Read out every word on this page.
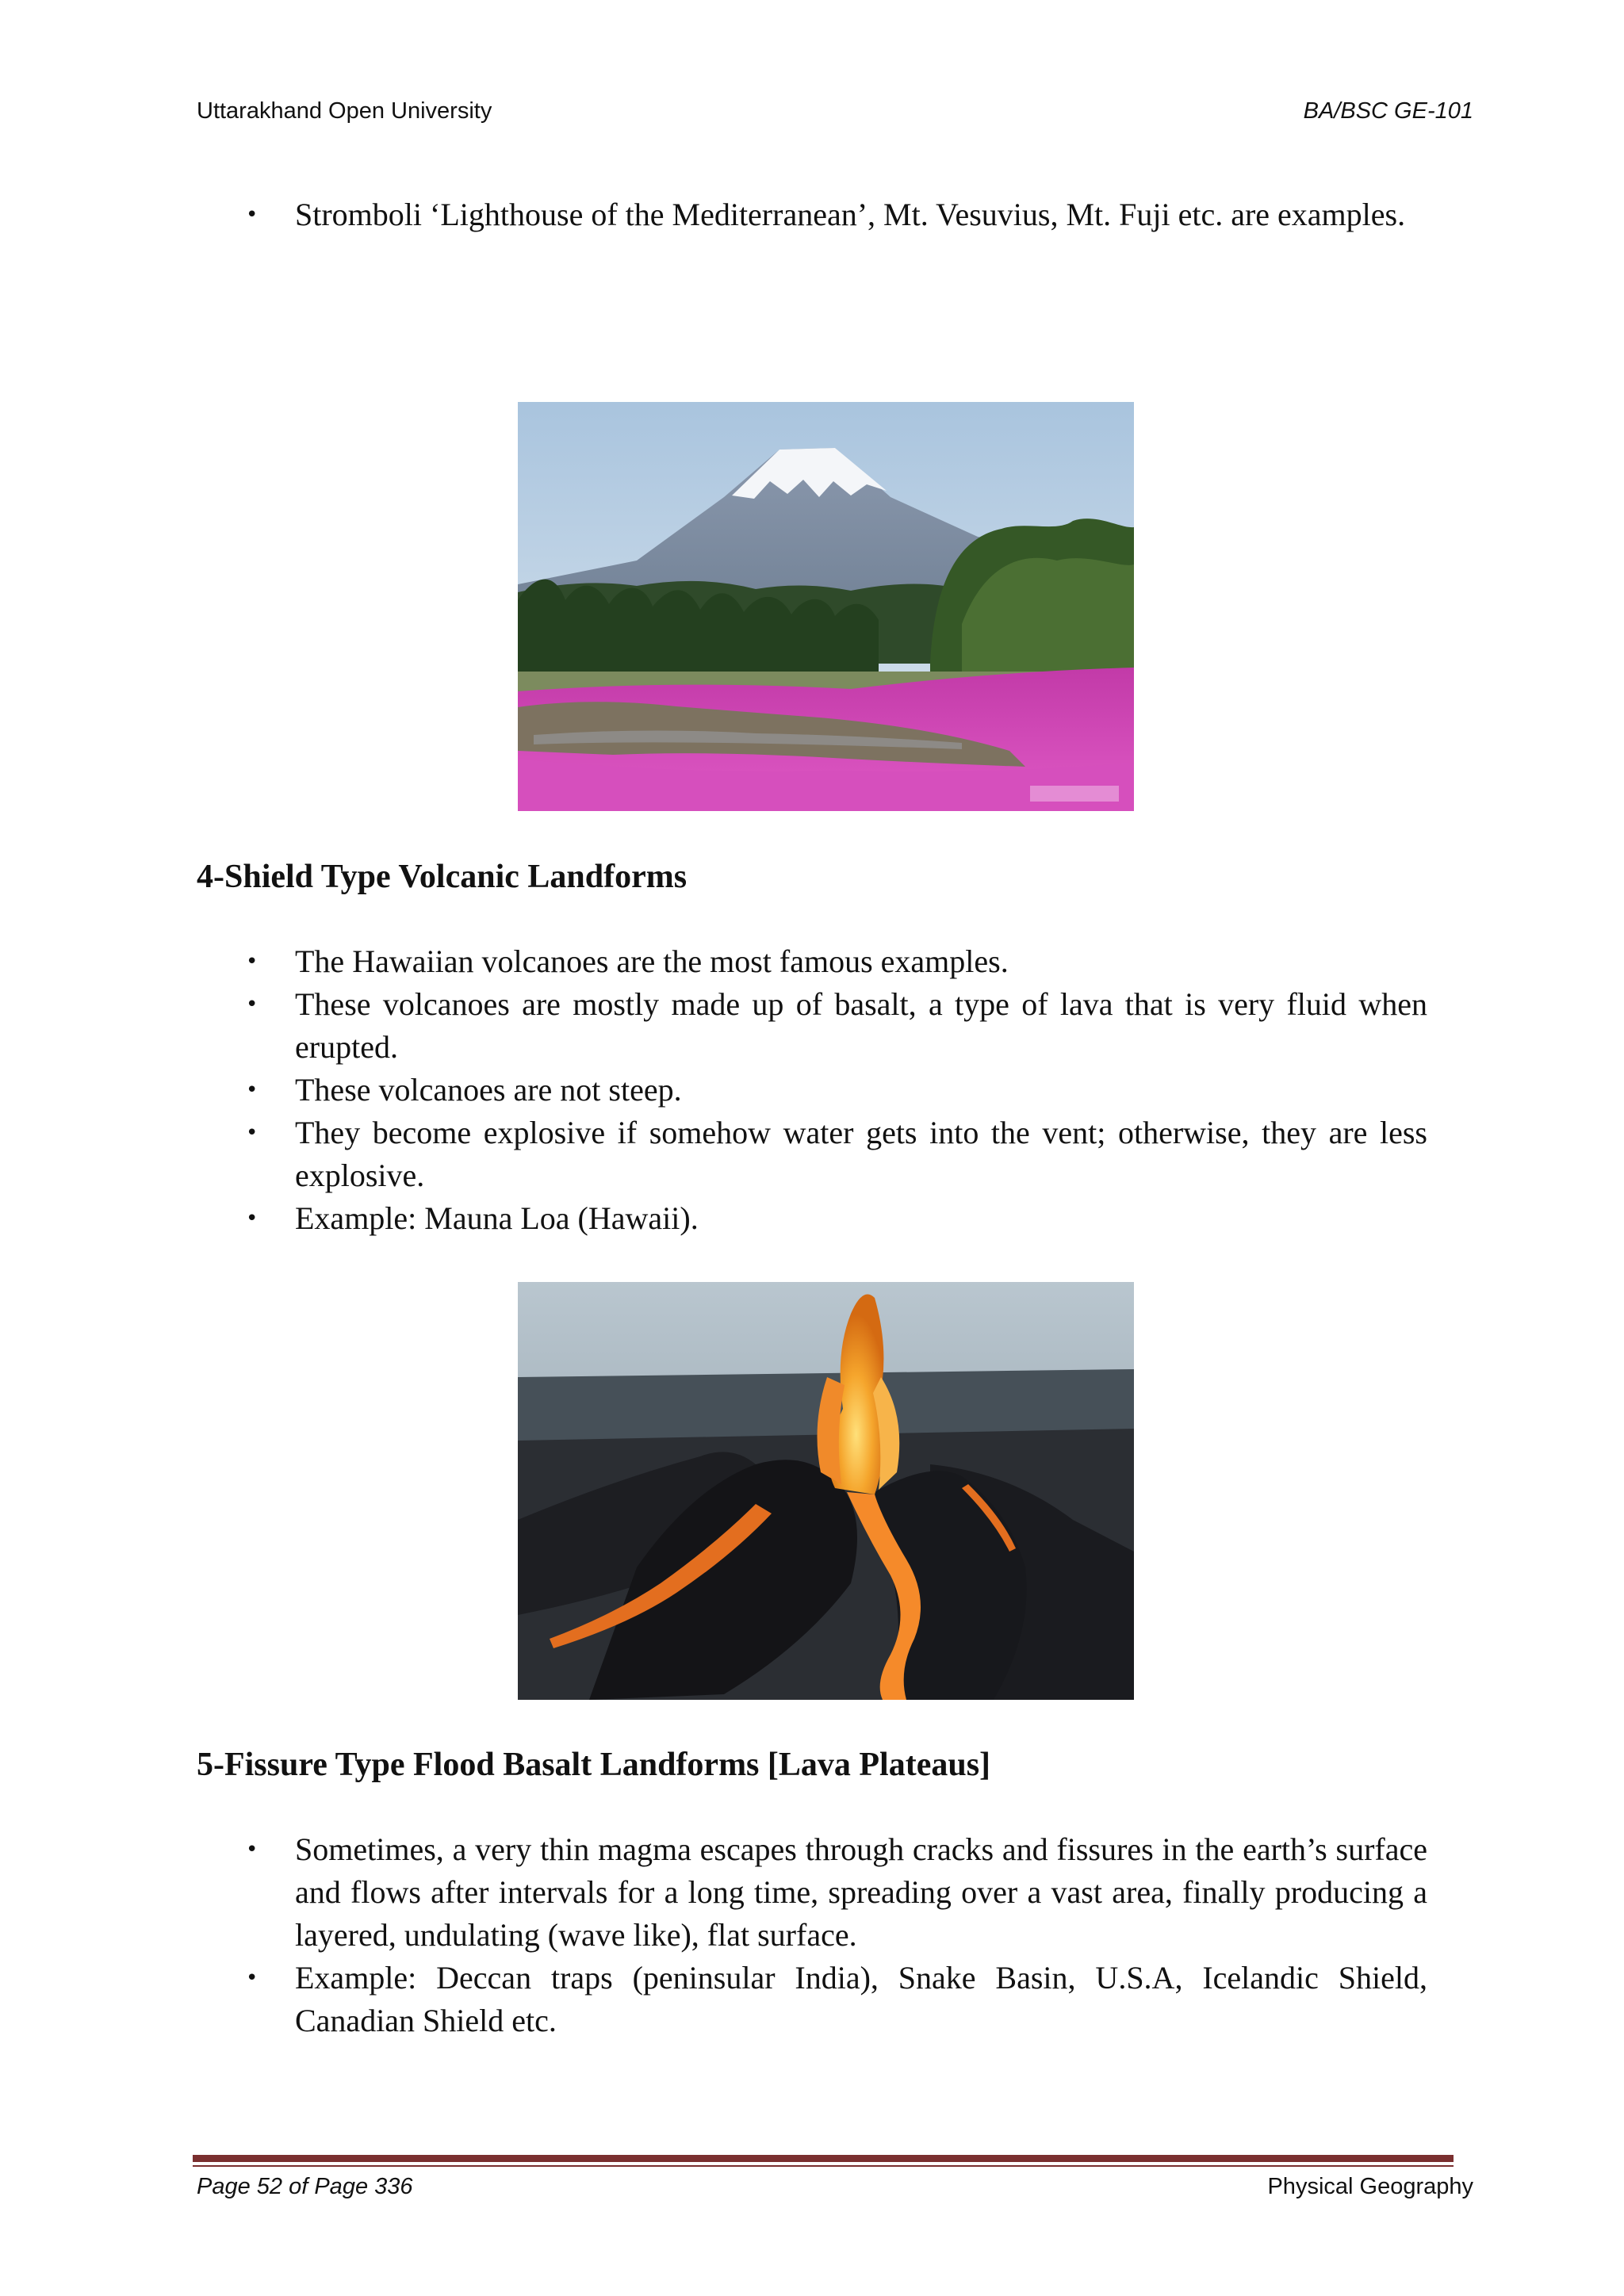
Uttarakhand Open University	BA/BSC GE-101
• Stromboli ‘Lighthouse of the Mediterranean’, Mt. Vesuvius, Mt. Fuji etc. are examples.
4-Shield Type Volcanic Landforms
• The Hawaiian volcanoes are the most famous examples.
• These volcanoes are mostly made up of basalt, a type of lava that is very fluid when erupted.
• These volcanoes are not steep.
• They become explosive if somehow water gets into the vent; otherwise, they are less explosive.
• Example: Mauna Loa (Hawaii).
5-Fissure Type Flood Basalt Landforms [Lava Plateaus]
• Sometimes, a very thin magma escapes through cracks and fissures in the earth’s surface and flows after intervals for a long time, spreading over a vast area, finally producing a layered, undulating (wave like), flat surface.
• Example: Deccan traps (peninsular India), Snake Basin, U.S.A, Icelandic Shield, Canadian Shield etc.
Page 52 of Page 336	Physical Geography
